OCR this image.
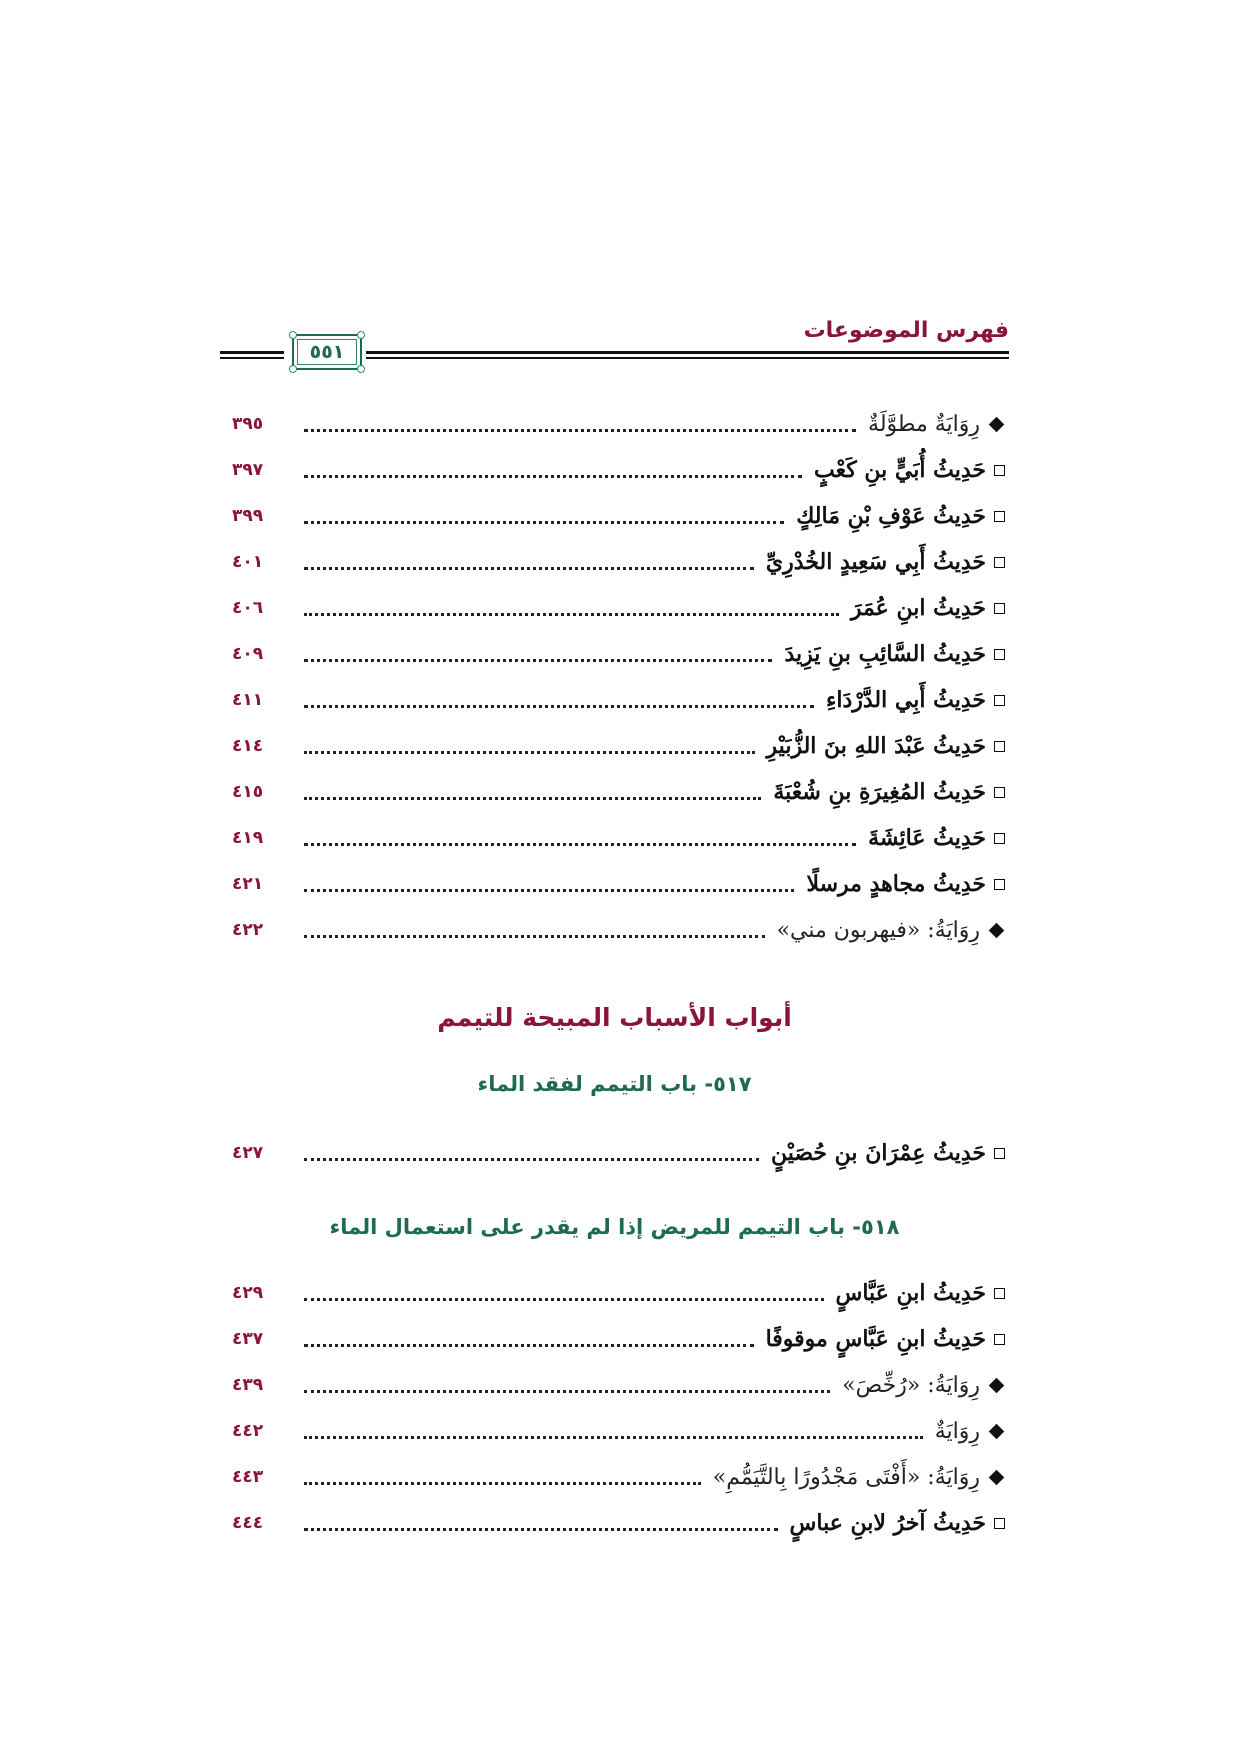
فهرس الموضوعات
٥٥١
رِوَايَةٌ مطوَّلَةٌ
٣٩٥
حَدِيثُ أُبَيٍّ بنِ كَعْبٍ
٣٩٧
حَدِيثُ عَوْفِ بْنِ مَالِكٍ
٣٩٩
حَدِيثُ أَبِي سَعِيدٍ الخُدْرِيِّ
٤٠١
حَدِيثُ ابنِ عُمَرَ
٤٠٦
حَدِيثُ السَّائِبِ بنِ يَزِيدَ
٤٠٩
حَدِيثُ أَبِي الدَّرْدَاءِ
٤١١
حَدِيثُ عَبْدَ اللهِ بنَ الزُّبَيْرِ
٤١٤
حَدِيثُ المُغِيرَةِ بنِ شُعْبَةَ
٤١٥
حَدِيثُ عَائِشَةَ
٤١٩
حَدِيثُ مجاهدٍ مرسلًا
٤٢١
رِوَايَةُ: «فيهربون مني»
٤٢٢
أبواب الأسباب المبيحة للتيمم
٥١٧- باب التيمم لفقد الماء
حَدِيثُ عِمْرَانَ بنِ حُصَيْنٍ
٤٢٧
٥١٨- باب التيمم للمريض إذا لم يقدر على استعمال الماء
حَدِيثُ ابنِ عَبَّاسٍ
٤٢٩
حَدِيثُ ابنِ عَبَّاسٍ موقوفًا
٤٣٧
رِوَايَةُ: «رُخِّصَ»
٤٣٩
رِوَايَةٌ
٤٤٢
رِوَايَةُ: «أَفْتَى مَجْدُورًا بِالتَّيَمُّمِ»
٤٤٣
حَدِيثُ آخرُ لابنِ عباسٍ
٤٤٤
